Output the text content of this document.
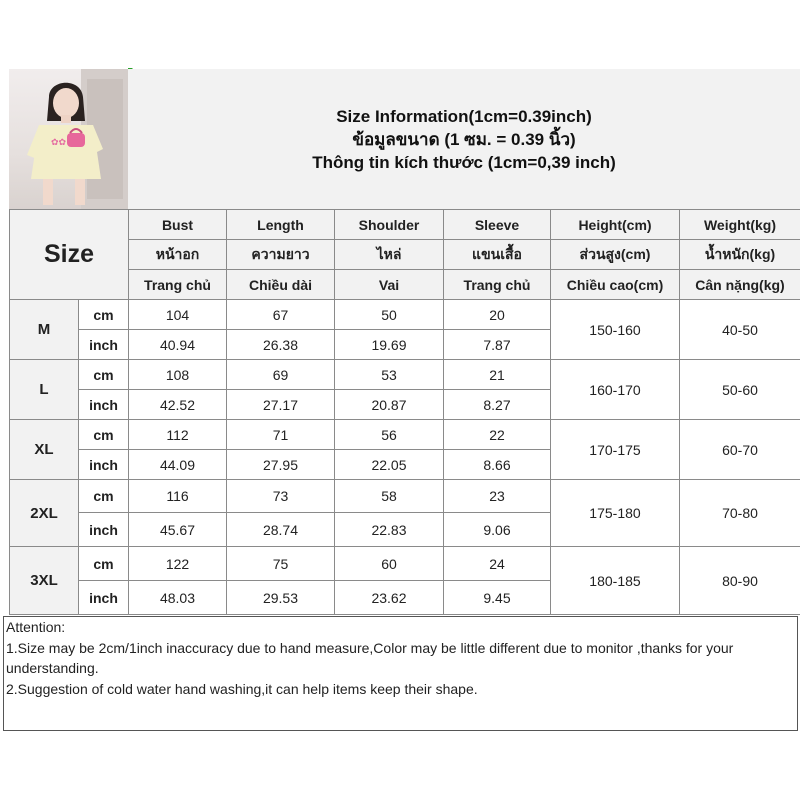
✿✿
Size Information(1cm=0.39inch)
ข้อมูลขนาด (1 ซม. = 0.39 นิ้ว)
Thông tin kích thước (1cm=0,39 inch)
Size		Bust	Length	Shoulder	Sleeve	Height(cm)	Weight(kg)
		หน้าอก	ความยาว	ไหล่	แขนเสื้อ	ส่วนสูง(cm)	น้ำหนัก(kg)
		Trang chủ	Chiều dài	Vai	Trang chủ	Chiều cao(cm)	Cân nặng(kg)
M	cm	104	67	50	20	150-160	40-50
	inch	40.94	26.38	19.69	7.87		
L	cm	108	69	53	21	160-170	50-60
	inch	42.52	27.17	20.87	8.27		
XL	cm	112	71	56	22	170-175	60-70
	inch	44.09	27.95	22.05	8.66		
2XL	cm	116	73	58	23	175-180	70-80
	inch	45.67	28.74	22.83	9.06		
3XL	cm	122	75	60	24	180-185	80-90
	inch	48.03	29.53	23.62	9.45		
Attention:
1.Size may be 2cm/1inch inaccuracy due to hand measure,Color may be little different due to monitor ,thanks for your understanding.
2.Suggestion of cold water hand washing,it can help items keep their shape.
